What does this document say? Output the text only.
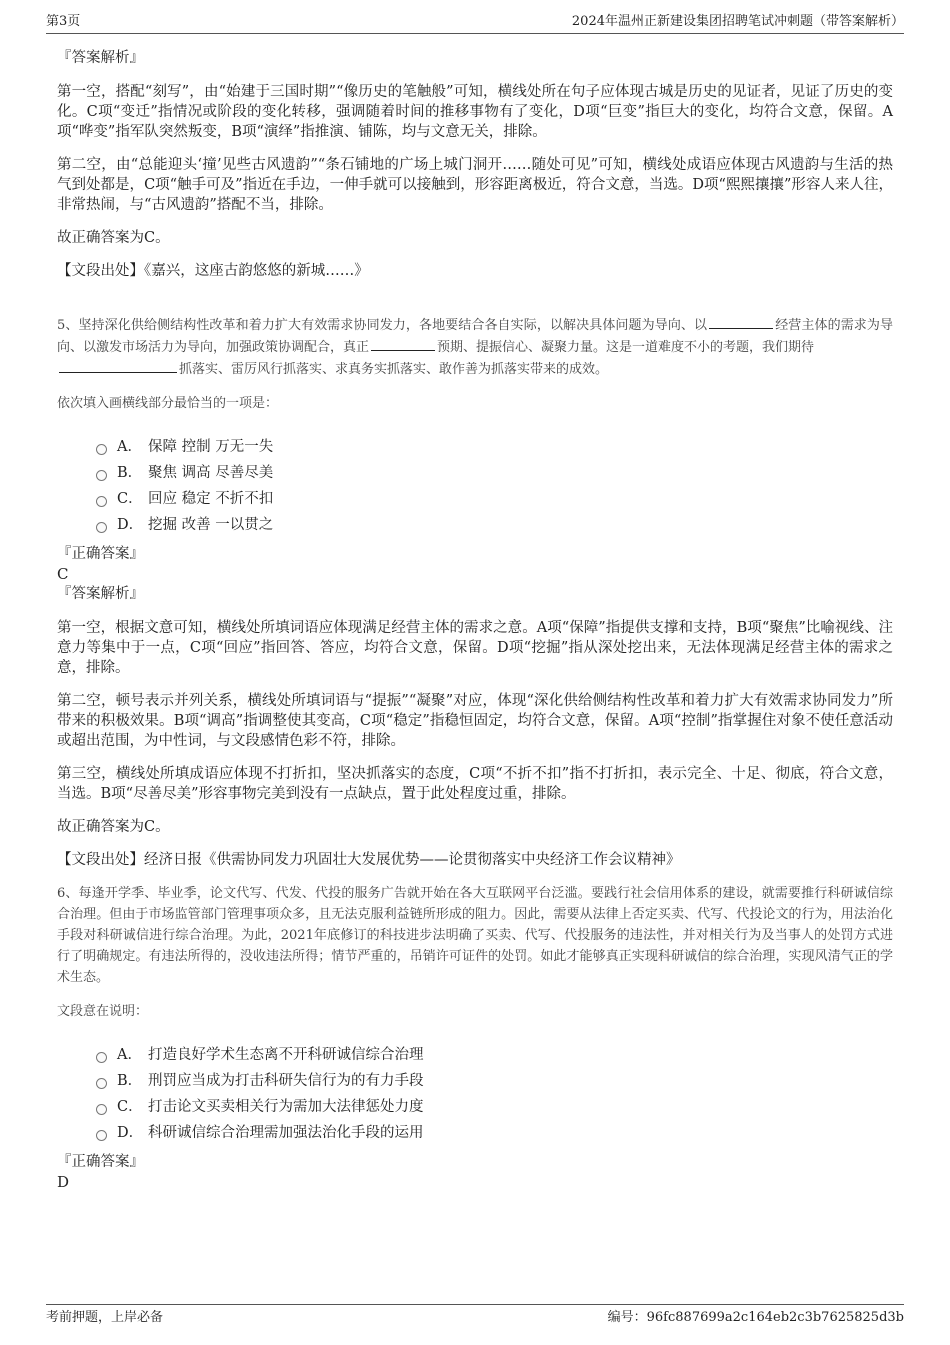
第3页	2024年温州正新建设集团招聘笔试冲刺题（带答案解析）

『答案解析』

第一空，搭配“刻写”，由“始建于三国时期”“像历史的笔触般”可知，横线处所在句子应体现古城是历史的见证者，见证了历史的变化。C项“变迁”指情况或阶段的变化转移，强调随着时间的推移事物有了变化，D项“巨变”指巨大的变化，均符合文意，保留。A项“哗变”指军队突然叛变，B项“演绎”指推演、铺陈，均与文意无关，排除。

第二空，由“总能迎头‘撞’见些古风遗韵”“条石铺地的广场上城门洞开……随处可见”可知，横线处成语应体现古风遗韵与生活的热气到处都是，C项“触手可及”指近在手边，一伸手就可以接触到，形容距离极近，符合文意，当选。D项“熙熙攘攘”形容人来人往，非常热闹，与“古风遗韵”搭配不当，排除。

故正确答案为C。

【文段出处】《嘉兴，这座古韵悠悠的新城……》

5、坚持深化供给侧结构性改革和着力扩大有效需求协同发力，各地要结合各自实际，以解决具体问题为导向、以	经营主体的需求为导向、以激发市场活力为导向，加强政策协调配合，真正	预期、提振信心、凝聚力量。这是一道难度不小的考题，我们期待
抓落实、雷厉风行抓落实、求真务实抓落实、敢作善为抓落实带来的成效。

依次填入画横线部分最恰当的一项是：

A． 保障 控制 万无一失
B． 聚焦 调高 尽善尽美
C． 回应 稳定 不折不扣
D． 挖掘 改善 一以贯之

『正确答案』

C

『答案解析』

第一空，根据文意可知，横线处所填词语应体现满足经营主体的需求之意。A项“保障”指提供支撑和支持，B项“聚焦”比喻视线、注意力等集中于一点，C项“回应”指回答、答应，均符合文意，保留。D项“挖掘”指从深处挖出来，无法体现满足经营主体的需求之意，排除。

第二空，顿号表示并列关系，横线处所填词语与“提振”“凝聚”对应，体现“深化供给侧结构性改革和着力扩大有效需求协同发力”所带来的积极效果。B项“调高”指调整使其变高，C项“稳定”指稳恒固定，均符合文意，保留。A项“控制”指掌握住对象不使任意活动或超出范围，为中性词，与文段感情色彩不符，排除。

第三空，横线处所填成语应体现不打折扣，坚决抓落实的态度，C项“不折不扣”指不打折扣，表示完全、十足、彻底，符合文意，当选。B项“尽善尽美”形容事物完美到没有一点缺点，置于此处程度过重，排除。

故正确答案为C。

【文段出处】经济日报《供需协同发力巩固壮大发展优势——论贯彻落实中央经济工作会议精神》

6、每逢开学季、毕业季，论文代写、代发、代投的服务广告就开始在各大互联网平台泛滥。要践行社会信用体系的建设，就需要推行科研诚信综合治理。但由于市场监管部门管理事项众多，且无法克服利益链所形成的阻力。因此，需要从法律上否定买卖、代写、代投论文的行为，用法治化手段对科研诚信进行综合治理。为此，2021年底修订的科技进步法明确了买卖、代写、代投服务的违法性，并对相关行为及当事人的处罚方式进行了明确规定。有违法所得的，没收违法所得；情节严重的，吊销许可证件的处罚。如此才能够真正实现科研诚信的综合治理，实现风清气正的学术生态。

文段意在说明：

A． 打造良好学术生态离不开科研诚信综合治理
B． 刑罚应当成为打击科研失信行为的有力手段
C． 打击论文买卖相关行为需加大法律惩处力度
D． 科研诚信综合治理需加强法治化手段的运用

『正确答案』

D

考前押题，上岸必备	编号：96fc887699a2c164eb2c3b7625825d3b
